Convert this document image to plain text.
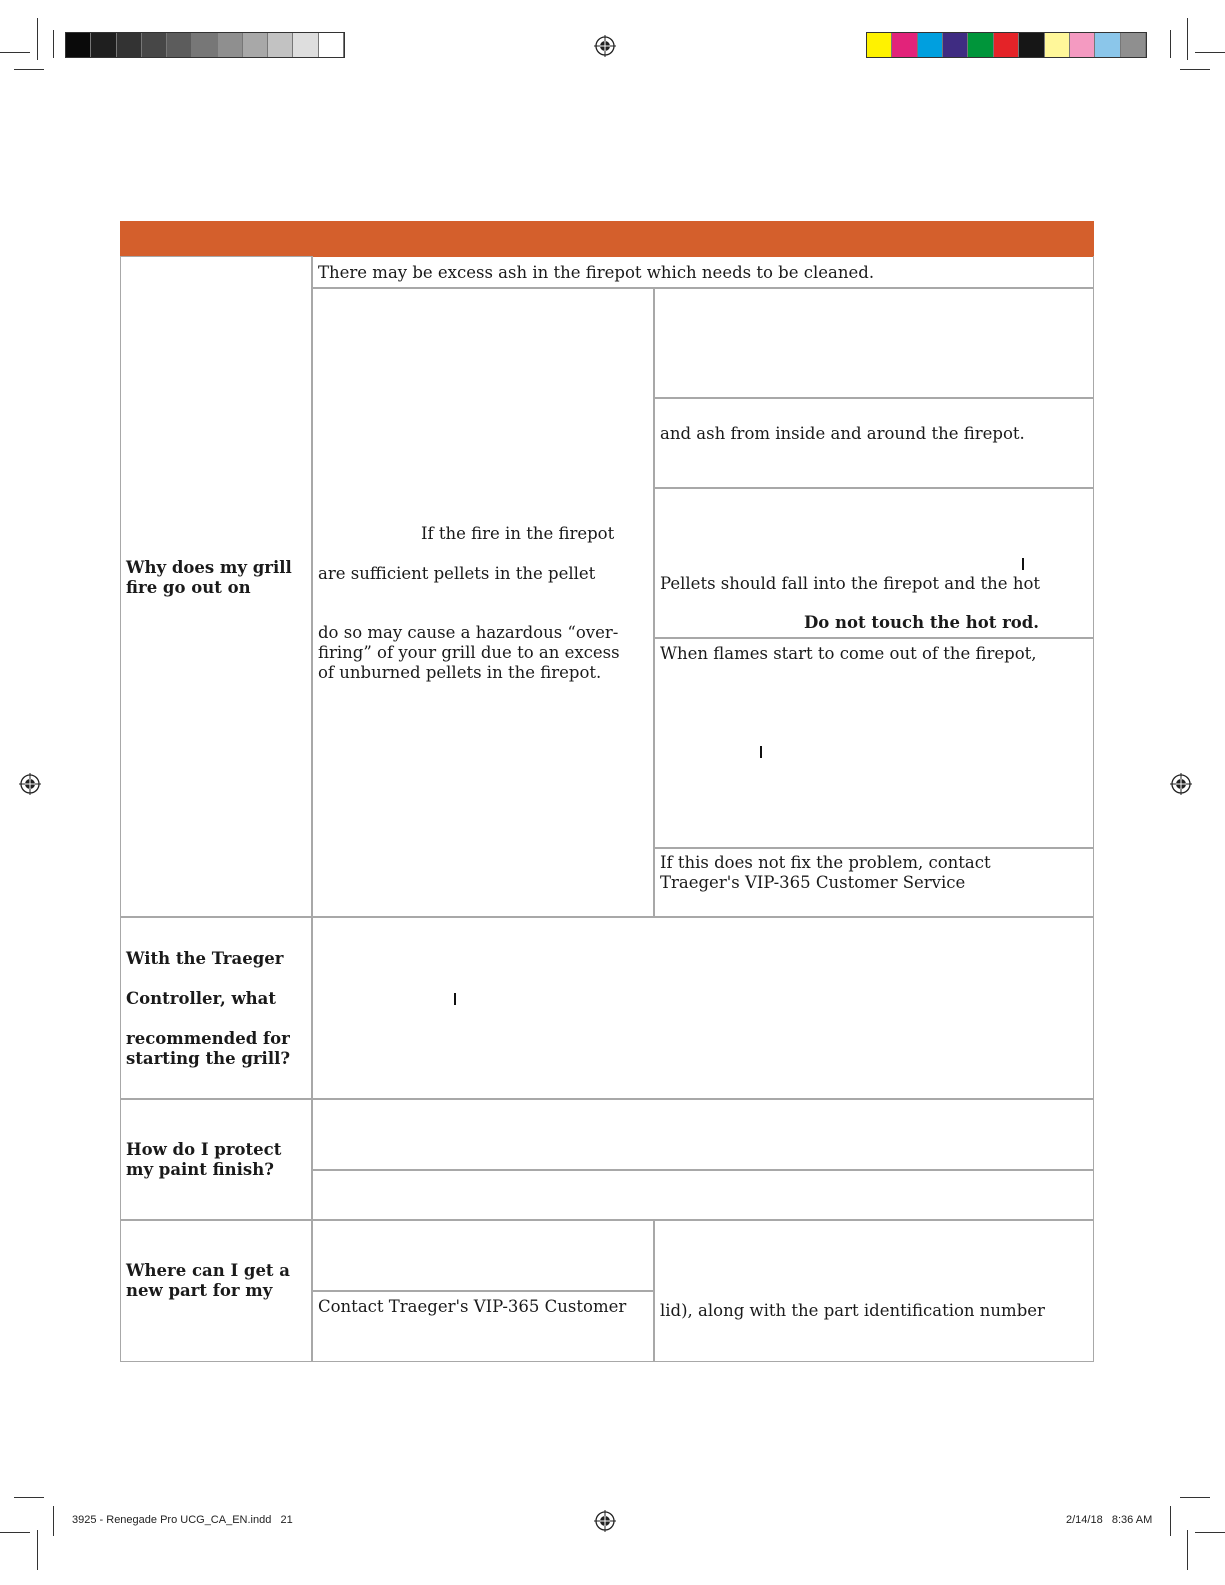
Question	Answer
Why does my grill
fire go out on
There may be excess ash in the firepot which needs to be cleaned.
If the fire in the firepot
are sufficient pellets in the pellet
do so may cause a hazardous “over-
firing” of your grill due to an excess
of unburned pellets in the firepot.
and ash from inside and around the firepot.
Pellets should fall into the firepot and the hot
Do not touch the hot rod.
When flames start to come out of the firepot,
If this does not fix the problem, contact
Traeger's VIP-365 Customer Service
With the Traeger

Controller, what

recommended for
starting the grill?
How do I protect
my paint finish?
Where can I get a
new part for my
Contact Traeger's VIP-365 Customer lid), along with the part identification number
3925 - Renegade Pro UCG_CA_EN.indd   21	2/14/18   8:36 AM
